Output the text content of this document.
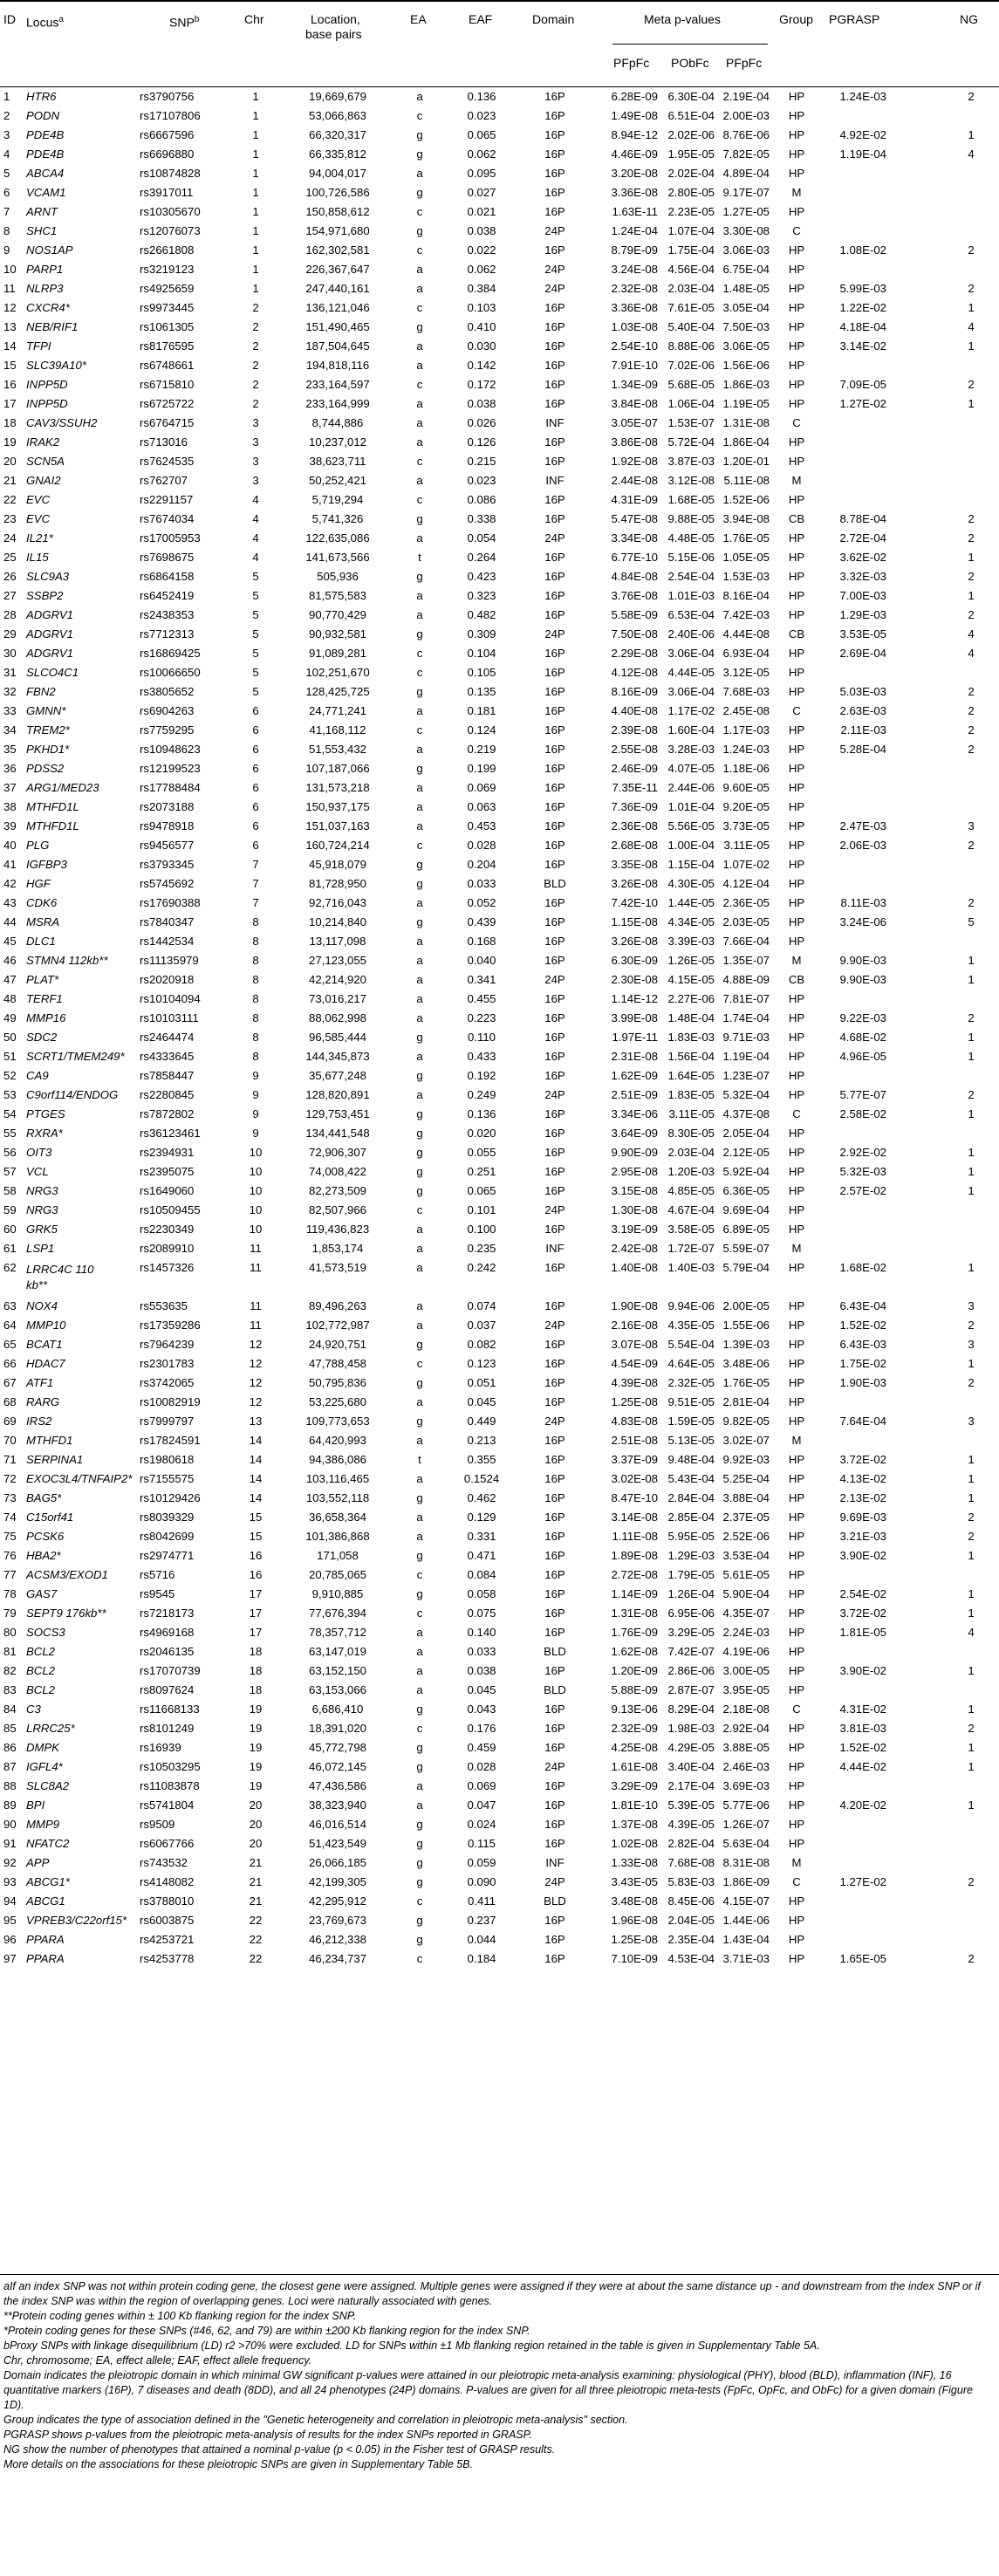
ID Locus$^a$	SNP$^b$	Chr	Location,
base pairs
EA	EAF	Domain	Meta p-values
PFpFc PObFc PFpFc
Group PGRASP	NG
1 HTR6	rs3790756	1	19,669,679	a	0.136	16P	6.28E-09 6.30E-04 2.19E-04	HP	1.24E-03	2
2 PODN	rs17107806	1	53,066,863	c	0.023	16P	1.49E-08 6.51E-04 2.00E-03	HP
3 PDE4B	rs6667596	1	66,320,317	g	0.065	16P	8.94E-12 2.02E-06 8.76E-06	HP	4.92E-02	1
4 PDE4B	rs6696880	1	66,335,812	g	0.062	16P	4.46E-09 1.95E-05 7.82E-05	HP	1.19E-04	4
5 ABCA4	rs10874828	1	94,004,017	a	0.095	16P	3.20E-08 2.02E-04 4.89E-04	HP
6 VCAM1	rs3917011	1	100,726,586	g	0.027	16P	3.36E-08 2.80E-05 9.17E-07	M
7 ARNT	rs10305670	1	150,858,612	c	0.021	16P	1.63E-11 2.23E-05 1.27E-05	HP
8 SHC1	rs12076073	1	154,971,680	g	0.038	24P	1.24E-04 1.07E-04 3.30E-08	C
9 NOS1AP	rs2661808	1	162,302,581	c	0.022	16P	8.79E-09 1.75E-04 3.06E-03	HP	1.08E-02	2
10 PARP1	rs3219123	1	226,367,647	a	0.062	24P	3.24E-08 4.56E-04 6.75E-04	HP
11 NLRP3	rs4925659	1	247,440,161	a	0.384	24P	2.32E-08 2.03E-04 1.48E-05	HP	5.99E-03	2
12 CXCR4*	rs9973445	2	136,121,046	c	0.103	16P	3.36E-08 7.61E-05 3.05E-04	HP	1.22E-02	1
13 NEB/RIF1	rs1061305	2	151,490,465	g	0.410	16P	1.03E-08 5.40E-04 7.50E-03	HP	4.18E-04	4
14 TFPI	rs8176595	2	187,504,645	a	0.030	16P	2.54E-10 8.88E-06 3.06E-05	HP	3.14E-02	1
15 SLC39A10*	rs6748661	2	194,818,116	a	0.142	16P	7.91E-10 7.02E-06 1.56E-06	HP
16 INPP5D	rs6715810	2	233,164,597	c	0.172	16P	1.34E-09 5.68E-05 1.86E-03	HP	7.09E-05	2
17 INPP5D	rs6725722	2	233,164,999	a	0.038	16P	3.84E-08 1.06E-04 1.19E-05	HP	1.27E-02	1
18 CAV3/SSUH2	rs6764715	3	8,744,886	a	0.026	INF	3.05E-07 1.53E-07 1.31E-08	C
19 IRAK2	rs713016	3	10,237,012	a	0.126	16P	3.86E-08 5.72E-04 1.86E-04	HP
20 SCN5A	rs7624535	3	38,623,711	c	0.215	16P	1.92E-08 3.87E-03 1.20E-01	HP
21 GNAI2	rs762707	3	50,252,421	a	0.023	INF	2.44E-08 3.12E-08 5.11E-08	M
22 EVC	rs2291157	4	5,719,294	c	0.086	16P	4.31E-09 1.68E-05 1.52E-06	HP
23 EVC	rs7674034	4	5,741,326	g	0.338	16P	5.47E-08 9.88E-05 3.94E-08	CB	8.78E-04	2
24 IL21*	rs17005953	4	122,635,086	a	0.054	24P	3.34E-08 4.48E-05 1.76E-05	HP	2.72E-04	2
25 IL15	rs7698675	4	141,673,566	t	0.264	16P	6.77E-10 5.15E-06 1.05E-05	HP	3.62E-02	1
26 SLC9A3	rs6864158	5	505,936	g	0.423	16P	4.84E-08 2.54E-04 1.53E-03	HP	3.32E-03	2
27 SSBP2	rs6452419	5	81,575,583	a	0.323	16P	3.76E-08 1.01E-03 8.16E-04	HP	7.00E-03	1
28 ADGRV1	rs2438353	5	90,770,429	a	0.482	16P	5.58E-09 6.53E-04 7.42E-03	HP	1.29E-03	2
29 ADGRV1	rs7712313	5	90,932,581	g	0.309	24P	7.50E-08 2.40E-06 4.44E-08	CB	3.53E-05	4
30 ADGRV1	rs16869425	5	91,089,281	c	0.104	16P	2.29E-08 3.06E-04 6.93E-04	HP	2.69E-04	4
31 SLCO4C1	rs10066650	5	102,251,670	c	0.105	16P	4.12E-08 4.44E-05 3.12E-05	HP
32 FBN2	rs3805652	5	128,425,725	g	0.135	16P	8.16E-09 3.06E-04 7.68E-03	HP	5.03E-03	2
33 GMNN*	rs6904263	6	24,771,241	a	0.181	16P	4.40E-08 1.17E-02 2.45E-08	C	2.63E-03	2
34 TREM2*	rs7759295	6	41,168,112	c	0.124	16P	2.39E-08 1.60E-04 1.17E-03	HP	2.11E-03	2
35 PKHD1*	rs10948623	6	51,553,432	a	0.219	16P	2.55E-08 3.28E-03 1.24E-03	HP	5.28E-04	2
36 PDSS2	rs12199523	6	107,187,066	g	0.199	16P	2.46E-09 4.07E-05 1.18E-06	HP
37 ARG1/MED23	rs17788484	6	131,573,218	a	0.069	16P	7.35E-11 2.44E-06 9.60E-05	HP
38 MTHFD1L	rs2073188	6	150,937,175	a	0.063	16P	7.36E-09 1.01E-04 9.20E-05	HP
39 MTHFD1L	rs9478918	6	151,037,163	a	0.453	16P	2.36E-08 5.56E-05 3.73E-05	HP	2.47E-03	3
40 PLG	rs9456577	6	160,724,214	c	0.028	16P	2.68E-08 1.00E-04 3.11E-05	HP	2.06E-03	2
41 IGFBP3	rs3793345	7	45,918,079	g	0.204	16P	3.35E-08 1.15E-04 1.07E-02	HP
42 HGF	rs5745692	7	81,728,950	g	0.033	BLD	3.26E-08 4.30E-05 4.12E-04	HP
43 CDK6	rs17690388	7	92,716,043	a	0.052	16P	7.42E-10 1.44E-05 2.36E-05	HP	8.11E-03	2
44 MSRA	rs7840347	8	10,214,840	g	0.439	16P	1.15E-08 4.34E-05 2.03E-05	HP	3.24E-06	5
45 DLC1	rs1442534	8	13,117,098	a	0.168	16P	3.26E-08 3.39E-03 7.66E-04	HP
46 STMN4 112kb**	rs11135979	8	27,123,055	a	0.040	16P	6.30E-09 1.26E-05 1.35E-07	M	9.90E-03	1
47 PLAT*	rs2020918	8	42,214,920	a	0.341	24P	2.30E-08 4.15E-05 4.88E-09	CB	9.90E-03	1
48 TERF1	rs10104094	8	73,016,217	a	0.455	16P	1.14E-12 2.27E-06 7.81E-07	HP
49 MMP16	rs10103111	8	88,062,998	a	0.223	16P	3.99E-08 1.48E-04 1.74E-04	HP	9.22E-03	2
50 SDC2	rs2464474	8	96,585,444	g	0.110	16P	1.97E-11 1.83E-03 9.71E-03	HP	4.68E-02	1
51 SCRT1/TMEM249* rs4333645	8	144,345,873	a	0.433	16P	2.31E-08 1.56E-04 1.19E-04	HP	4.96E-05	1
52 CA9	rs7858447	9	35,677,248	g	0.192	16P	1.62E-09 1.64E-05 1.23E-07	HP
53 C9orf114/ENDOG rs2280845	9	128,820,891	a	0.249	24P	2.51E-09 1.83E-05 5.32E-04	HP	5.77E-07	2
54 PTGES	rs7872802	9	129,753,451	g	0.136	16P	3.34E-06 3.11E-05 4.37E-08	C	2.58E-02	1
55 RXRA*	rs36123461	9	134,441,548	g	0.020	16P	3.64E-09 8.30E-05 2.05E-04	HP
56 OIT3	rs2394931	10	72,906,307	g	0.055	16P	9.90E-09 2.03E-04 2.12E-05	HP	2.92E-02	1
57 VCL	rs2395075	10	74,008,422	g	0.251	16P	2.95E-08 1.20E-03 5.92E-04	HP	5.32E-03	1
58 NRG3	rs1649060	10	82,273,509	g	0.065	16P	3.15E-08 4.85E-05 6.36E-05	HP	2.57E-02	1
59 NRG3	rs10509455	10	82,507,966	c	0.101	24P	1.30E-08 4.67E-04 9.69E-04	HP
60 GRK5	rs2230349	10	119,436,823	a	0.100	16P	3.19E-09 3.58E-05 6.89E-05	HP
61 LSP1	rs2089910	11	1,853,174	a	0.235	INF	2.42E-08 1.72E-07 5.59E-07	M
62 LRRC4C 110 kb**
rs1457326	11	41,573,519	a	0.242	16P	1.40E-08 1.40E-03 5.79E-04	HP	1.68E-02	1
63 NOX4	rs553635	11	89,496,263	a	0.074	16P	1.90E-08 9.94E-06 2.00E-05	HP	6.43E-04	3
64 MMP10	rs17359286	11	102,772,987	a	0.037	24P	2.16E-08 4.35E-05 1.55E-06	HP	1.52E-02	2
65 BCAT1	rs7964239	12	24,920,751	g	0.082	16P	3.07E-08 5.54E-04 1.39E-03	HP	6.43E-03	3
66 HDAC7	rs2301783	12	47,788,458	c	0.123	16P	4.54E-09 4.64E-05 3.48E-06	HP	1.75E-02	1
67 ATF1	rs3742065	12	50,795,836	g	0.051	16P	4.39E-08 2.32E-05 1.76E-05	HP	1.90E-03	2
68 RARG	rs10082919	12	53,225,680	a	0.045	16P	1.25E-08 9.51E-05 2.81E-04	HP
69 IRS2	rs7999797	13	109,773,653	g	0.449	24P	4.83E-08 1.59E-05 9.82E-05	HP	7.64E-04	3
70 MTHFD1	rs17824591	14	64,420,993	a	0.213	16P	2.51E-08 5.13E-05 3.02E-07	M
71 SERPINA1	rs1980618	14	94,386,086	t	0.355	16P	3.37E-09 9.48E-04 9.92E-03	HP	3.72E-02	1
72 EXOC3L4/TNFAIP2* rs7155575	14	103,116,465	a	0.1524	16P	3.02E-08 5.43E-04 5.25E-04	HP	4.13E-02	1
73 BAG5*	rs10129426	14	103,552,118	g	0.462	16P	8.47E-10 2.84E-04 3.88E-04	HP	2.13E-02	1
74 C15orf41	rs8039329	15	36,658,364	a	0.129	16P	3.14E-08 2.85E-04 2.37E-05	HP	9.69E-03	2
75 PCSK6	rs8042699	15	101,386,868	a	0.331	16P	1.11E-08 5.95E-05 2.52E-06	HP	3.21E-03	2
76 HBA2*	rs2974771	16	171,058	g	0.471	16P	1.89E-08 1.29E-03 3.53E-04	HP	3.90E-02	1
77 ACSM3/EXOD1	rs5716	16	20,785,065	c	0.084	16P	2.72E-08 1.79E-05 5.61E-05	HP
78 GAS7	rs9545	17	9,910,885	g	0.058	16P	1.14E-09 1.26E-04 5.90E-04	HP	2.54E-02	1
79 SEPT9 176kb**	rs7218173	17	77,676,394	c	0.075	16P	1.31E-08 6.95E-06 4.35E-07	HP	3.72E-02	1
80 SOCS3	rs4969168	17	78,357,712	a	0.140	16P	1.76E-09 3.29E-05 2.24E-03	HP	1.81E-05	4
81 BCL2	rs2046135	18	63,147,019	a	0.033	BLD	1.62E-08 7.42E-07 4.19E-06	HP
82 BCL2	rs17070739	18	63,152,150	a	0.038	16P	1.20E-09 2.86E-06 3.00E-05	HP	3.90E-02	1
83 BCL2	rs8097624	18	63,153,066	a	0.045	BLD	5.88E-09 2.87E-07 3.95E-05	HP
84 C3	rs11668133	19	6,686,410	g	0.043	16P	9.13E-06 8.29E-04 2.18E-08	C	4.31E-02	1
85 LRRC25*	rs8101249	19	18,391,020	c	0.176	16P	2.32E-09 1.98E-03 2.92E-04	HP	3.81E-03	2
86 DMPK	rs16939	19	45,772,798	g	0.459	16P	4.25E-08 4.29E-05 3.88E-05	HP	1.52E-02	1
87 IGFL4*	rs10503295	19	46,072,145	g	0.028	24P	1.61E-08 3.40E-04 2.46E-03	HP	4.44E-02	1
88 SLC8A2	rs11083878	19	47,436,586	a	0.069	16P	3.29E-09 2.17E-04 3.69E-03	HP
89 BPI	rs5741804	20	38,323,940	a	0.047	16P	1.81E-10 5.39E-05 5.77E-06	HP	4.20E-02	1
90 MMP9	rs9509	20	46,016,514	g	0.024	16P	1.37E-08 4.39E-05 1.26E-07	HP
91 NFATC2	rs6067766	20	51,423,549	g	0.115	16P	1.02E-08 2.82E-04 5.63E-04	HP
92 APP	rs743532	21	26,066,185	g	0.059	INF	1.33E-08 7.68E-08 8.31E-08	M
93 ABCG1*	rs4148082	21	42,199,305	g	0.090	24P	3.43E-05 5.83E-03 1.86E-09	C	1.27E-02	2
94 ABCG1	rs3788010	21	42,295,912	c	0.411	BLD	3.48E-08 8.45E-06 4.15E-07	HP
95 VPREB3/C22orf15* rs6003875	22	23,769,673	g	0.237	16P	1.96E-08 2.04E-05 1.44E-06	HP
96 PPARA	rs4253721	22	46,212,338	g	0.044	16P	1.25E-08 2.35E-04 1.43E-04	HP
97 PPARA	rs4253778	22	46,234,737	c	0.184	16P	7.10E-09 4.53E-04 3.71E-03	HP	1.65E-05	2

aIf an index SNP was not within protein coding gene, the closest gene were assigned. Multiple genes were assigned if they were at about the same distance up - and downstream from the index SNP or if the index SNP was within the region of overlapping genes. Loci were naturally associated with genes.

**Protein coding genes within ± 100 Kb flanking region for the index SNP.

*Protein coding genes for these SNPs (#46, 62, and 79) are within ±200 Kb flanking region for the index SNP.

bProxy SNPs with linkage disequilibrium (LD) r2 >70% were excluded. LD for SNPs within ±1 Mb flanking region retained in the table is given in Supplementary Table 5A.

Chr, chromosome; EA, effect allele; EAF, effect allele frequency.

Domain indicates the pleiotropic domain in which minimal GW significant p-values were attained in our pleiotropic meta-analysis examining: physiological (PHY), blood (BLD), inflammation (INF), 16 quantitative markers (16P), 7 diseases and death (8DD), and all 24 phenotypes (24P) domains. P-values are given for all three pleiotropic meta-tests (FpFc, OpFc, and ObFc) for a given domain (Figure 1D).

Group indicates the type of association defined in the "Genetic heterogeneity and correlation in pleiotropic meta-analysis" section.

PGRASP shows p-values from the pleiotropic meta-analysis of results for the index SNPs reported in GRASP.

NG show the number of phenotypes that attained a nominal p-value (p < 0.05) in the Fisher test of GRASP results.

More details on the associations for these pleiotropic SNPs are given in Supplementary Table 5B.
